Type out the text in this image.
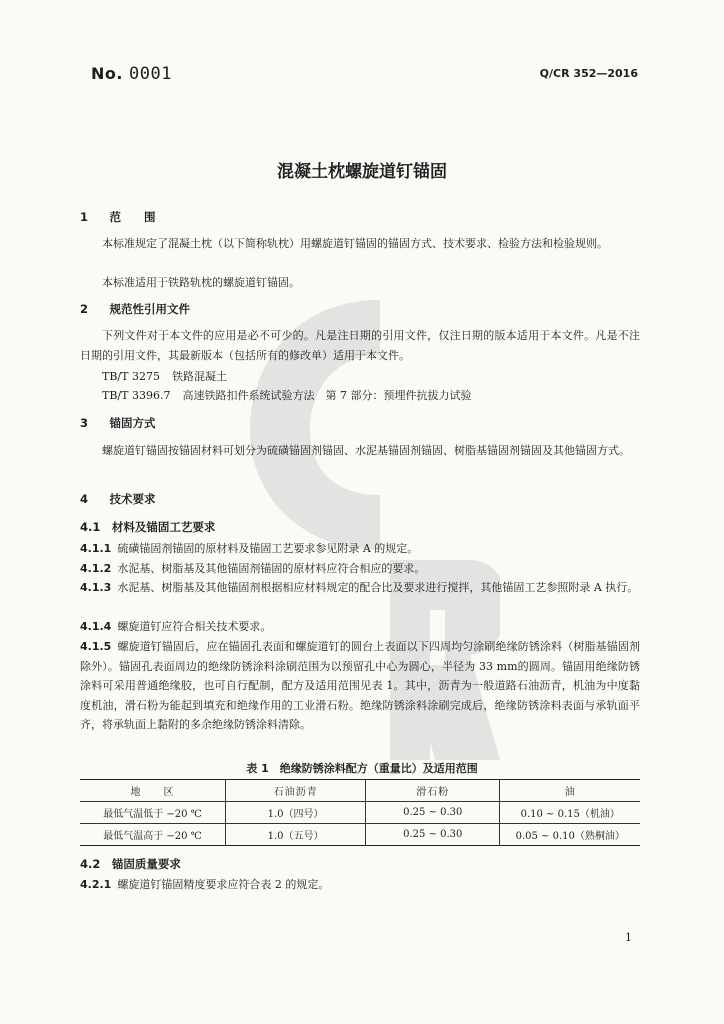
No. 0001	Q/CR 352—2016
混凝土枕螺旋道钉锚固
1　 范　　围
本标准规定了混凝土枕（以下简称轨枕）用螺旋道钉锚固的锚固方式、技术要求、检验方法和检验规则。
本标准适用于铁路轨枕的螺旋道钉锚固。
2　 规范性引用文件
下列文件对于本文件的应用是必不可少的。凡是注日期的引用文件，仅注日期的版本适用于本文件。凡是不注日期的引用文件，其最新版本（包括所有的修改单）适用于本文件。
TB/T 3275 铁路混凝土
TB/T 3396.7 高速铁路扣件系统试验方法　第 7 部分：预埋件抗拔力试验
3　 锚固方式
螺旋道钉锚固按锚固材料可划分为硫磺锚固剂锚固、水泥基锚固剂锚固、树脂基锚固剂锚固及其他锚固方式。
4　 技术要求
4.1　 材料及锚固工艺要求
4.1.1 硫磺锚固剂锚固的原材料及锚固工艺要求参见附录 A 的规定。
4.1.2 水泥基、树脂基及其他锚固剂锚固的原材料应符合相应的要求。
4.1.3 水泥基、树脂基及其他锚固剂根据相应材料规定的配合比及要求进行搅拌，其他锚固工艺参照附录 A 执行。
4.1.4 螺旋道钉应符合相关技术要求。
4.1.5 螺旋道钉锚固后，应在锚固孔表面和螺旋道钉的圆台上表面以下四周均匀涂刷绝缘防锈涂料（树脂基锚固剂除外）。锚固孔表面周边的绝缘防锈涂料涂刷范围为以预留孔中心为圆心，半径为 33 mm的圆周。锚固用绝缘防锈涂料可采用普通绝缘胶，也可自行配制，配方及适用范围见表 1。其中，沥青为一般道路石油沥青，机油为中度黏度机油，滑石粉为能起到填充和绝缘作用的工业滑石粉。绝缘防锈涂料涂刷完成后，绝缘防锈涂料表面与承轨面平齐，将承轨面上黏附的多余绝缘防锈涂料清除。
表 1　绝缘防锈涂料配方（重量比）及适用范围
地　　区	石油沥青	滑石粉	油
最低气温低于 −20 ℃	1.0（四号）	0.25 ~ 0.30	0.10 ~ 0.15（机油）
最低气温高于 −20 ℃	1.0（五号）	0.25 ~ 0.30	0.05 ~ 0.10（熟桐油）
4.2　 锚固质量要求
4.2.1 螺旋道钉锚固精度要求应符合表 2 的规定。
1
